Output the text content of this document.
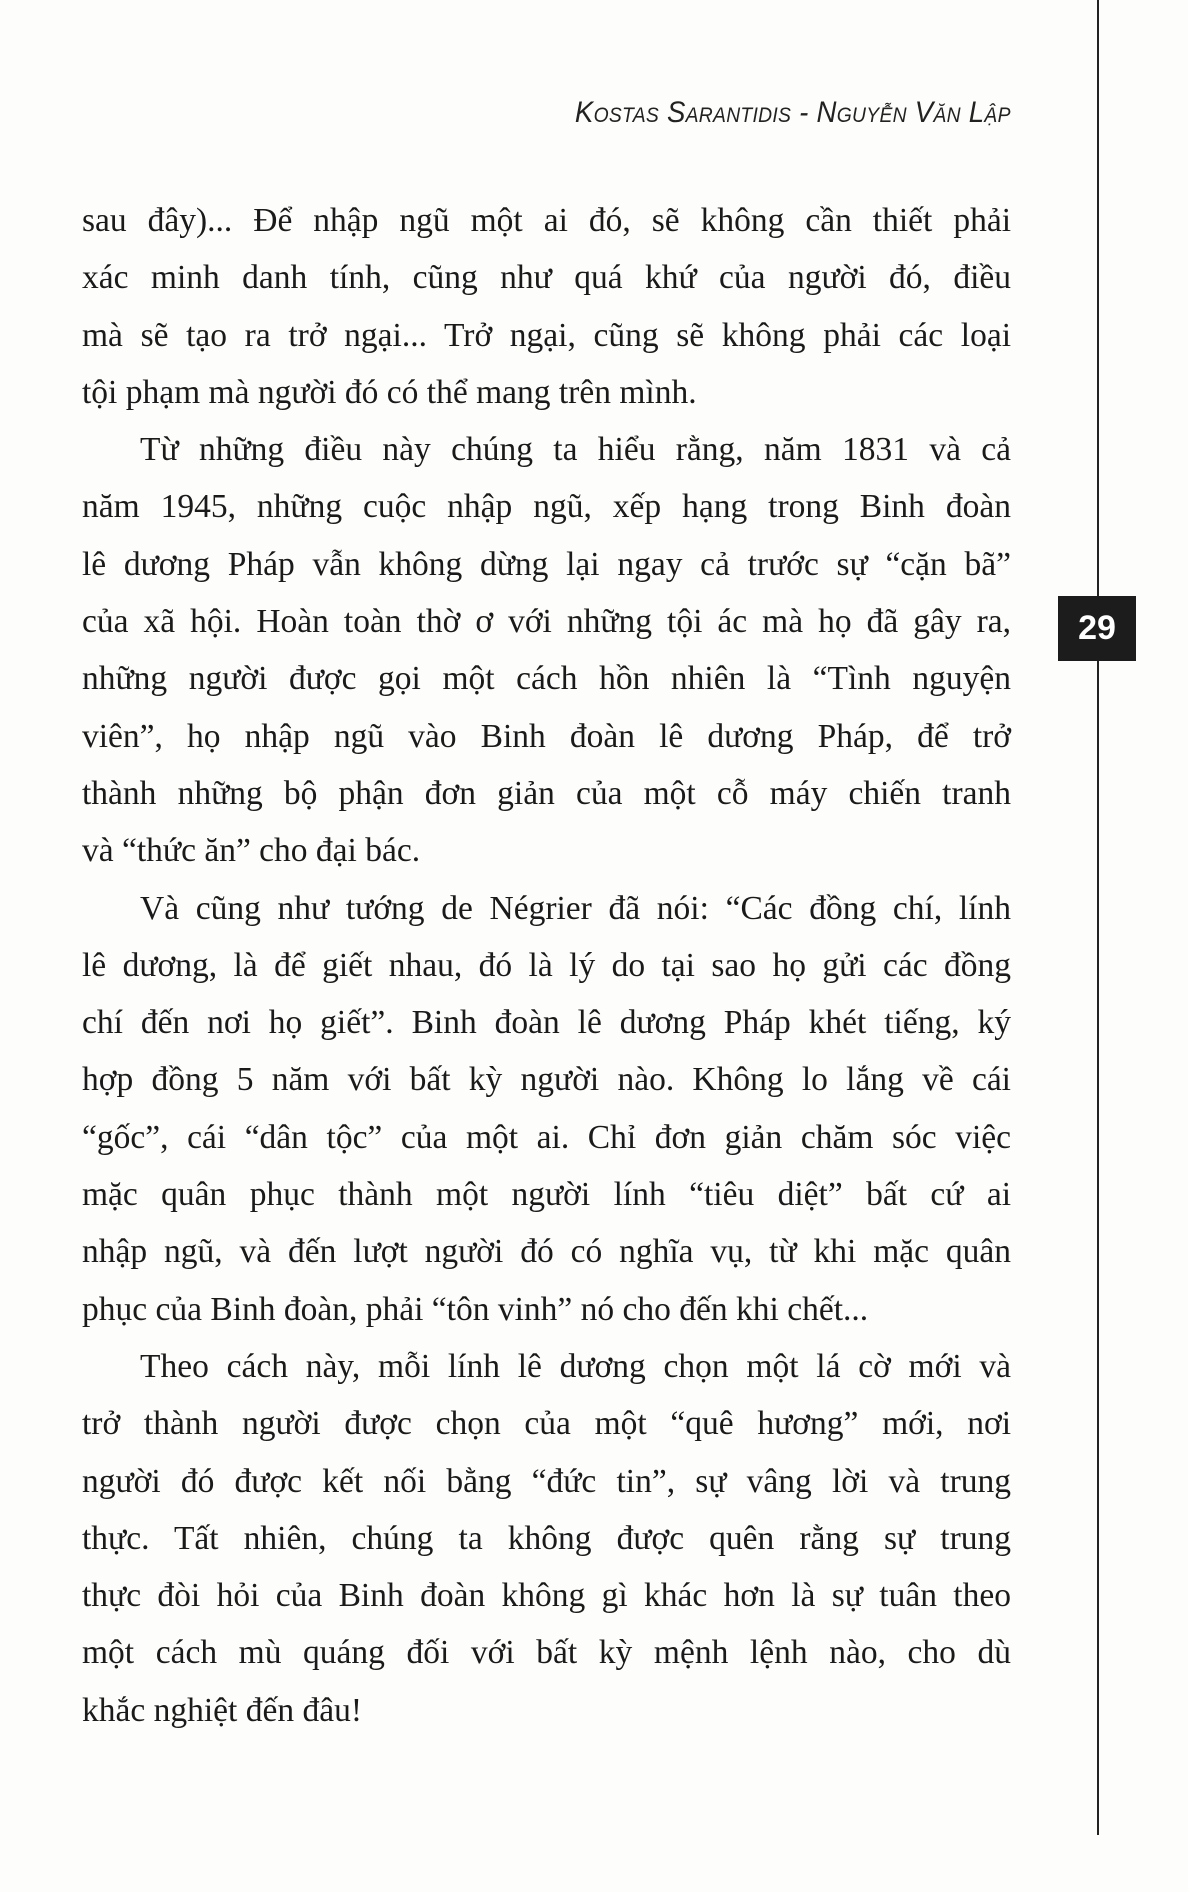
Kostas Sarantidis - Nguyễn Văn Lập
29
sau đây)... Để nhập ngũ một ai đó, sẽ không cần thiết phải
xác minh danh tính, cũng như quá khứ của người đó, điều
mà sẽ tạo ra trở ngại... Trở ngại, cũng sẽ không phải các loại
tội phạm mà người đó có thể mang trên mình.
Từ những điều này chúng ta hiểu rằng, năm 1831 và cả
năm 1945, những cuộc nhập ngũ, xếp hạng trong Binh đoàn
lê dương Pháp vẫn không dừng lại ngay cả trước sự “cặn bã”
của xã hội. Hoàn toàn thờ ơ với những tội ác mà họ đã gây ra,
những người được gọi một cách hồn nhiên là “Tình nguyện
viên”, họ nhập ngũ vào Binh đoàn lê dương Pháp, để trở
thành những bộ phận đơn giản của một cỗ máy chiến tranh
và “thức ăn” cho đại bác.
Và cũng như tướng de Négrier đã nói: “Các đồng chí, lính
lê dương, là để giết nhau, đó là lý do tại sao họ gửi các đồng
chí đến nơi họ giết”. Binh đoàn lê dương Pháp khét tiếng, ký
hợp đồng 5 năm với bất kỳ người nào. Không lo lắng về cái
“gốc”, cái “dân tộc” của một ai. Chỉ đơn giản chăm sóc việc
mặc quân phục thành một người lính “tiêu diệt” bất cứ ai
nhập ngũ, và đến lượt người đó có nghĩa vụ, từ khi mặc quân
phục của Binh đoàn, phải “tôn vinh” nó cho đến khi chết...
Theo cách này, mỗi lính lê dương chọn một lá cờ mới và
trở thành người được chọn của một “quê hương” mới, nơi
người đó được kết nối bằng “đức tin”, sự vâng lời và trung
thực. Tất nhiên, chúng ta không được quên rằng sự trung
thực đòi hỏi của Binh đoàn không gì khác hơn là sự tuân theo
một cách mù quáng đối với bất kỳ mệnh lệnh nào, cho dù
khắc nghiệt đến đâu!
